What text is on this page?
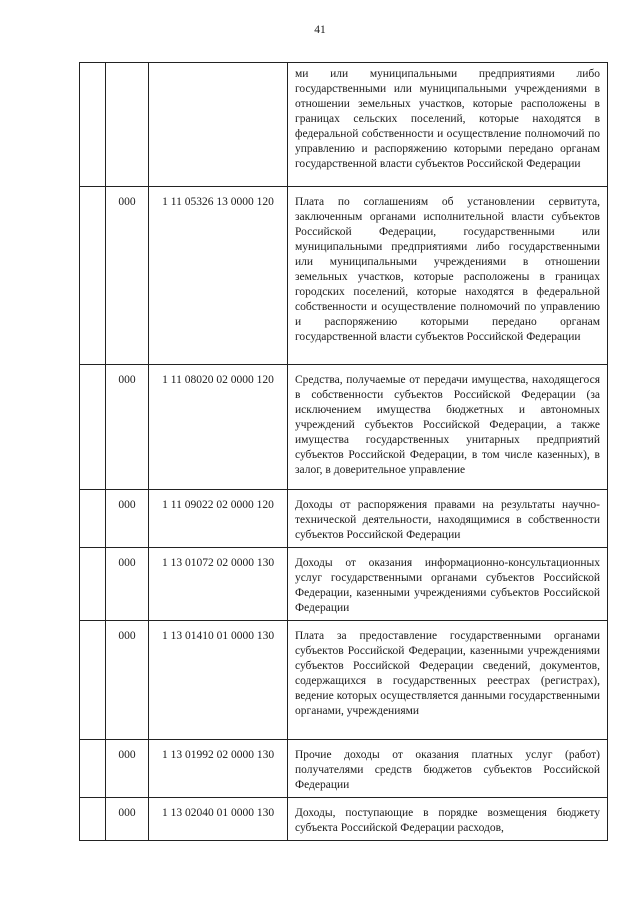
41
			ми или муниципальными предприятиями либо государственными или муниципальными учреждениями в отношении земельных участков, которые расположены в границах сельских поселений, которые находятся в федеральной собственности и осуществление полномочий по управлению и распоряжению которыми передано органам государственной власти субъектов Российской Федерации
	000	1 11 05326 13 0000 120	Плата по соглашениям об установлении сервитута, заключенным органами исполнительной власти субъектов Российской Федерации, государственными или муниципальными предприятиями либо государственными или муниципальными учреждениями в отношении земельных участков, которые расположены в границах городских поселений, которые находятся в федеральной собственности и осуществление полномочий по управлению и распоряжению которыми передано органам государственной власти субъектов Российской Федерации
	000	1 11 08020 02 0000 120	Средства, получаемые от передачи имущества, находящегося в собственности субъектов Российской Федерации (за исключением имущества бюджетных и автономных учреждений субъектов Российской Федерации, а также имущества государственных унитарных предприятий субъектов Российской Федерации, в том числе казенных), в залог, в доверительное управление
	000	1 11 09022 02 0000 120	Доходы от распоряжения правами на результаты научно-технической деятельности, находящимися в собственности субъектов Российской Федерации
	000	1 13 01072 02 0000 130	Доходы от оказания информационно-консультационных услуг государственными органами субъектов Российской Федерации, казенными учреждениями субъектов Российской Федерации
	000	1 13 01410 01 0000 130	Плата за предоставление государственными органами субъектов Российской Федерации, казенными учреждениями субъектов Российской Федерации сведений, документов, содержащихся в государственных реестрах (регистрах), ведение которых осуществляется данными государственными органами, учреждениями
	000	1 13 01992 02 0000 130	Прочие доходы от оказания платных услуг (работ) получателями средств бюджетов субъектов Российской Федерации
	000	1 13 02040 01 0000 130	Доходы, поступающие в порядке возмещения бюджету субъекта Российской Федерации расходов,
